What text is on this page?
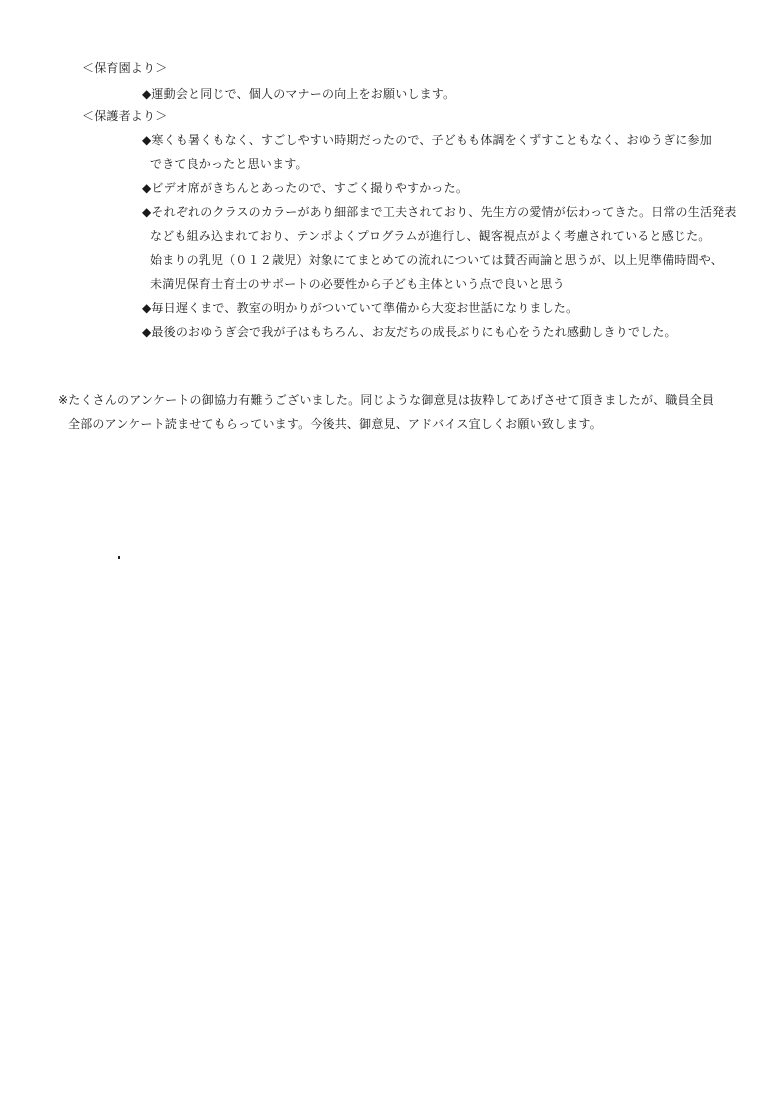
＜保育園より＞
◆運動会と同じで、個人のマナーの向上をお願いします。
＜保護者より＞
◆寒くも暑くもなく、すごしやすい時期だったので、子どもも体調をくずすこともなく、おゆうぎに参加
できて良かったと思います。
◆ビデオ席がきちんとあったので、すごく撮りやすかった。
◆それぞれのクラスのカラーがあり細部まで工夫されており、先生方の愛情が伝わってきた。日常の生活発表
なども組み込まれており、テンポよくプログラムが進行し、観客視点がよく考慮されていると感じた。
始まりの乳児（０１２歳児）対象にてまとめての流れについては賛否両論と思うが、以上児準備時間や、
未満児保育士育士のサポートの必要性から子ども主体という点で良いと思う
◆毎日遅くまで、教室の明かりがついていて準備から大変お世話になりました。
◆最後のおゆうぎ会で我が子はもちろん、お友だちの成長ぶりにも心をうたれ感動しきりでした。
※たくさんのアンケートの御協力有難うございました。同じような御意見は抜粋してあげさせて頂きましたが、職員全員
全部のアンケート読ませてもらっています。今後共、御意見、アドバイス宜しくお願い致します。
